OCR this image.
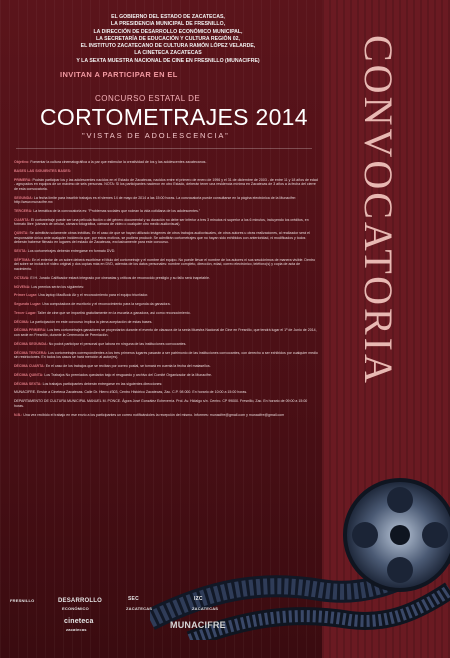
CONVOCATORIA
EL GOBIERNO DEL ESTADO DE ZACATECAS,
LA PRESIDENCIA MUNICIPAL DE FRESNILLO,
LA DIRECCIÓN DE DESARROLLO ECONÓMICO MUNICIPAL,
LA SECRETARÍA DE EDUCACIÓN Y CULTURA REGIÓN 02,
EL INSTITUTO ZACATECANO DE CULTURA RAMÓN LÓPEZ VELARDE,
LA CINETECA ZACATECAS
Y LA SEXTA MUESTRA NACIONAL DE CINE EN FRESNILLO (MUNACIFRE)
INVITAN A PARTICIPAR EN EL
CONCURSO ESTATAL DE
CORTOMETRAJES 2014
"VISTAS DE ADOLESCENCIA"

Objetivo: Fomentar la cultura cinematográfica a la par que estimular la creatividad de los y las adolescentes zacatecanos.

BASES LAS SIGUIENTES BASES:

PRIMERA: Podrán participar los y las adolescentes nacidos en el Estado de Zacatecas, nacidos entre el primero de enero de 1996 y el 31 de diciembre de 2003 - de entre 11 y 18 años de edad - agrupados en equipos de un máximo de seis personas. NOTA: Si los participantes nacieron en otro Estado, deberán tener una residencia mínima en Zacatecas de 3 años a la fecha del cierre de esta convocatoria.

SEGUNDA: La fecha límite para inscribir trabajos es el viernes 14 de mayo de 2014 a las 15:00 horas. La convocatoria puede consultarse en la página electrónica de la Munacifre: http://www.munacifre.mx

TERCERA: La temática de la convocatoria es: "Problemas sociales que rodean la vida cotidiana de los adolescentes."

CUARTA: El cortometraje puede ser una película ficción o del género documental y su duración no debe ser inferior a tres 3 minutos ni superior a los 6 minutos, incluyendo los créditos, en formato libre (cámara de celular, cámara fotográfica, cámara de video o cualquier otro medio audiovisual).

QUINTA: Se admitirán solamente obras inéditas. En el caso de que se hayan utilizado imágenes de otros trabajos audiovisuales, de otros autores u otras realizaciones, al realizador será el responsable único ante cualquier incidencia que, por estos motivos, se pudiera producir. Se admitirán cortometrajes que no hayan sido exhibidos con anterioridad, ni modificados y todos deberán haberse filmado en lugares del estado de Zacatecas, exclusivamente para este concurso.

SEXTA: Los cortometrajes deberán entregarse en formato DVD.

SÉPTIMA: En el exterior de un sobre deberá escribirse el título del cortometraje y el nombre del equipo. No puede llevar el nombre de los autores ni sus seudónimos de manera visible. Dentro del sobre se incluirá el video original y dos copias más en DVD, además de los datos personales: nombre completo, dirección, edad, correo electrónico, teléfono(s) y copia de acta de nacimiento.

OCTAVA: El H. Jurado Calificador estará integrado por cineastas y críticos de reconocido prestigio y su fallo será inapelable.

NOVENA: Los premios serán los siguientes:

Primer Lugar: Una laptop MacBook Air y el reconocimiento para el equipo triunfador.

Segundo Lugar: Una computadora de escritorio y el reconocimiento para la segunda da ganadora.

Tercer Lugar: Taller de cine que se impartirá gratuitamente en la escuela a ganadora, así como reconocimiento.

DÉCIMA: La participación en este concurso implica la plena aceptación de estas bases.

DÉCIMA PRIMERA: Los tres cortometrajes ganadores se proyectarán durante el evento de clausura de la sexta Muestra Nacional de Cine en Fresnillo, que tendrá lugar el 1º de Junio de 2014, con sede en Fresnillo, durante la Ceremonia de Premiación.

DÉCIMA SEGUNDA: No podrá participar el personal que labora en ninguna de las instituciones convocantes.

DÉCIMA TERCERA: Los cortometrajes correspondientes a los tres primeros lugares pasarán a ser patrimonio de las instituciones convocantes, con derecho a ser exhibidos por cualquier medio sin restricciones. En todos los casos se hará mención al autor(es).

DÉCIMA CUARTA: En el caso de los trabajos que se reciban por correo postal, se tomará en cuenta la fecha del matasellos.

DÉCIMA QUINTA: Los Trabajos No premiados quedarán bajo el resguardo y archivo del Comité Organizador de la Munacifre.

DÉCIMA SEXTA: Los trabajos participantes deberán entregarse en las siguientes direcciones:

MUNACIFRE. Enviar a Cineteca Zacatecas. Calle Dr. Hierro #303, Centro Histórico Zacatecas, Zac. C.P. 98 000. En horario de 10:00 a 15:00 horas.

DEPARTAMENTO DE CULTURA MUNICIPAL MANUEL M. PONCE. Ágora José González Echeverría. Prol. Av. Hidalgo s/n. Centro. CP 99000. Fresnillo, Zac. En horario de 09:00 a 15:00 horas.

N.B.: Una vez recibido el trabajo en ese envío a los participantes un correo notificándoles la recepción del mismo. Informes: munacifre@gmail.com y munacifre@gmail.com

FRESNILLO	DESARROLLO
ECONÓMICO
SEC
ZACATECAS
IZC
ZACATECAS
cineteca
zacatecas	MUNACIFRE
